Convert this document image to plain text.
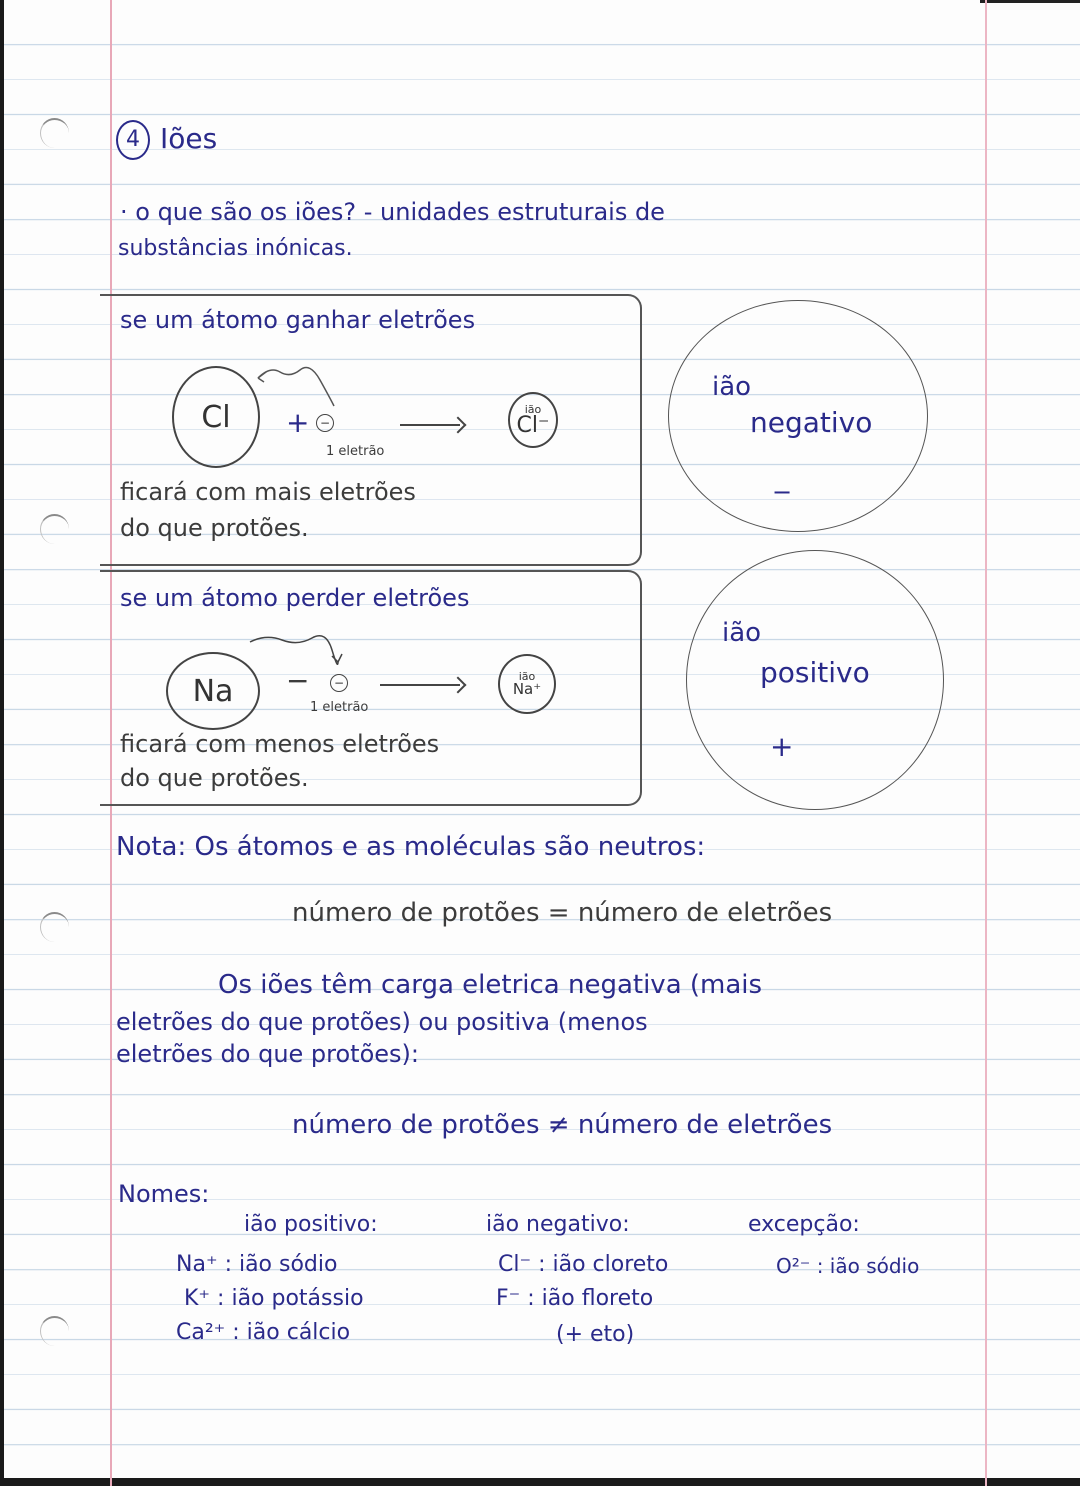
4 Iões
· o que são os iões? - unidades estruturais de
substâncias inónicas.
se um átomo ganhar eletrões
Cl + −
1 eletrão
ião
Cl⁻
ficará com mais eletrões
do que protões.
se um átomo perder eletrões
Na − −
1 eletrão
ião
Na⁺
ficará com menos eletrões
do que protões.
ião
negativo
−
ião
positivo
+
Nota: Os átomos e as moléculas são neutros:
número de protões = número de eletrões
Os iões têm carga eletrica negativa (mais
eletrões do que protões) ou positiva (menos
eletrões do que protões):
número de protões ≠ número de eletrões
Nomes:
ião positivo:
Na⁺ : ião sódio
K⁺ : ião potássio
Ca²⁺ : ião cálcio
ião negativo:
Cl⁻ : ião cloreto
F⁻ : ião floreto
(+ eto)
excepção:
O²⁻ : ião sódio
